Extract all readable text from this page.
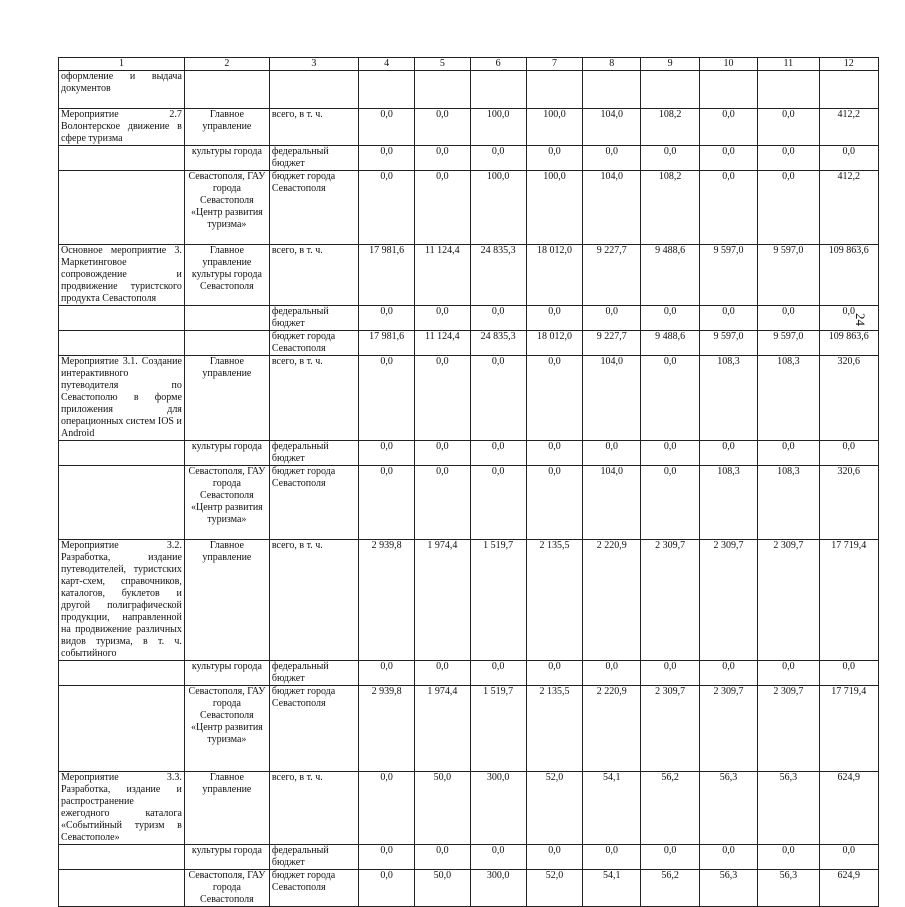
1	2	3	4	5	6	7	8	9	10	11	12
оформление и выдача документов											
Мероприятие 2.7 Волонтерское движение в сфере туризма	Главное управление	всего, в т. ч.	0,0	0,0	100,0	100,0	104,0	108,2	0,0	0,0	412,2
	культуры города	федеральный бюджет	0,0	0,0	0,0	0,0	0,0	0,0	0,0	0,0	0,0
	Севастополя, ГАУ города Севастополя «Центр развития туризма»	бюджет города Севастополя	0,0	0,0	100,0	100,0	104,0	108,2	0,0	0,0	412,2
Основное мероприятие 3. Маркетинговое сопровождение и продвижение туристского продукта Севастополя	Главное управление культуры города Севастополя	всего, в т. ч.	17 981,6	11 124,4	24 835,3	18 012,0	9 227,7	9 488,6	9 597,0	9 597,0	109 863,6
		федеральный бюджет	0,0	0,0	0,0	0,0	0,0	0,0	0,0	0,0	0,0
		бюджет города Севастополя	17 981,6	11 124,4	24 835,3	18 012,0	9 227,7	9 488,6	9 597,0	9 597,0	109 863,6
Мероприятие 3.1. Создание интерактивного путеводителя по Севастополю в форме приложения для операционных систем IOS и Android	Главное управление	всего, в т. ч.	0,0	0,0	0,0	0,0	104,0	0,0	108,3	108,3	320,6
	культуры города	федеральный бюджет	0,0	0,0	0,0	0,0	0,0	0,0	0,0	0,0	0,0
	Севастополя, ГАУ города Севастополя «Центр развития туризма»	бюджет города Севастополя	0,0	0,0	0,0	0,0	104,0	0,0	108,3	108,3	320,6
Мероприятие 3.2. Разработка, издание путеводителей, туристских карт-схем, справочников, каталогов, буклетов и другой полиграфической продукции, направленной на продвижение различных видов туризма, в т. ч. событийного	Главное управление	всего, в т. ч.	2 939,8	1 974,4	1 519,7	2 135,5	2 220,9	2 309,7	2 309,7	2 309,7	17 719,4
	культуры города	федеральный бюджет	0,0	0,0	0,0	0,0	0,0	0,0	0,0	0,0	0,0
	Севастополя, ГАУ города Севастополя «Центр развития туризма»	бюджет города Севастополя	2 939,8	1 974,4	1 519,7	2 135,5	2 220,9	2 309,7	2 309,7	2 309,7	17 719,4
Мероприятие 3.3. Разработка, издание и распространение ежегодного каталога «Событийный туризм в Севастополе»	Главное управление	всего, в т. ч.	0,0	50,0	300,0	52,0	54,1	56,2	56,3	56,3	624,9
	культуры города	федеральный бюджет	0,0	0,0	0,0	0,0	0,0	0,0	0,0	0,0	0,0
	Севастополя, ГАУ города Севастополя	бюджет города Севастополя	0,0	50,0	300,0	52,0	54,1	56,2	56,3	56,3	624,9
24
